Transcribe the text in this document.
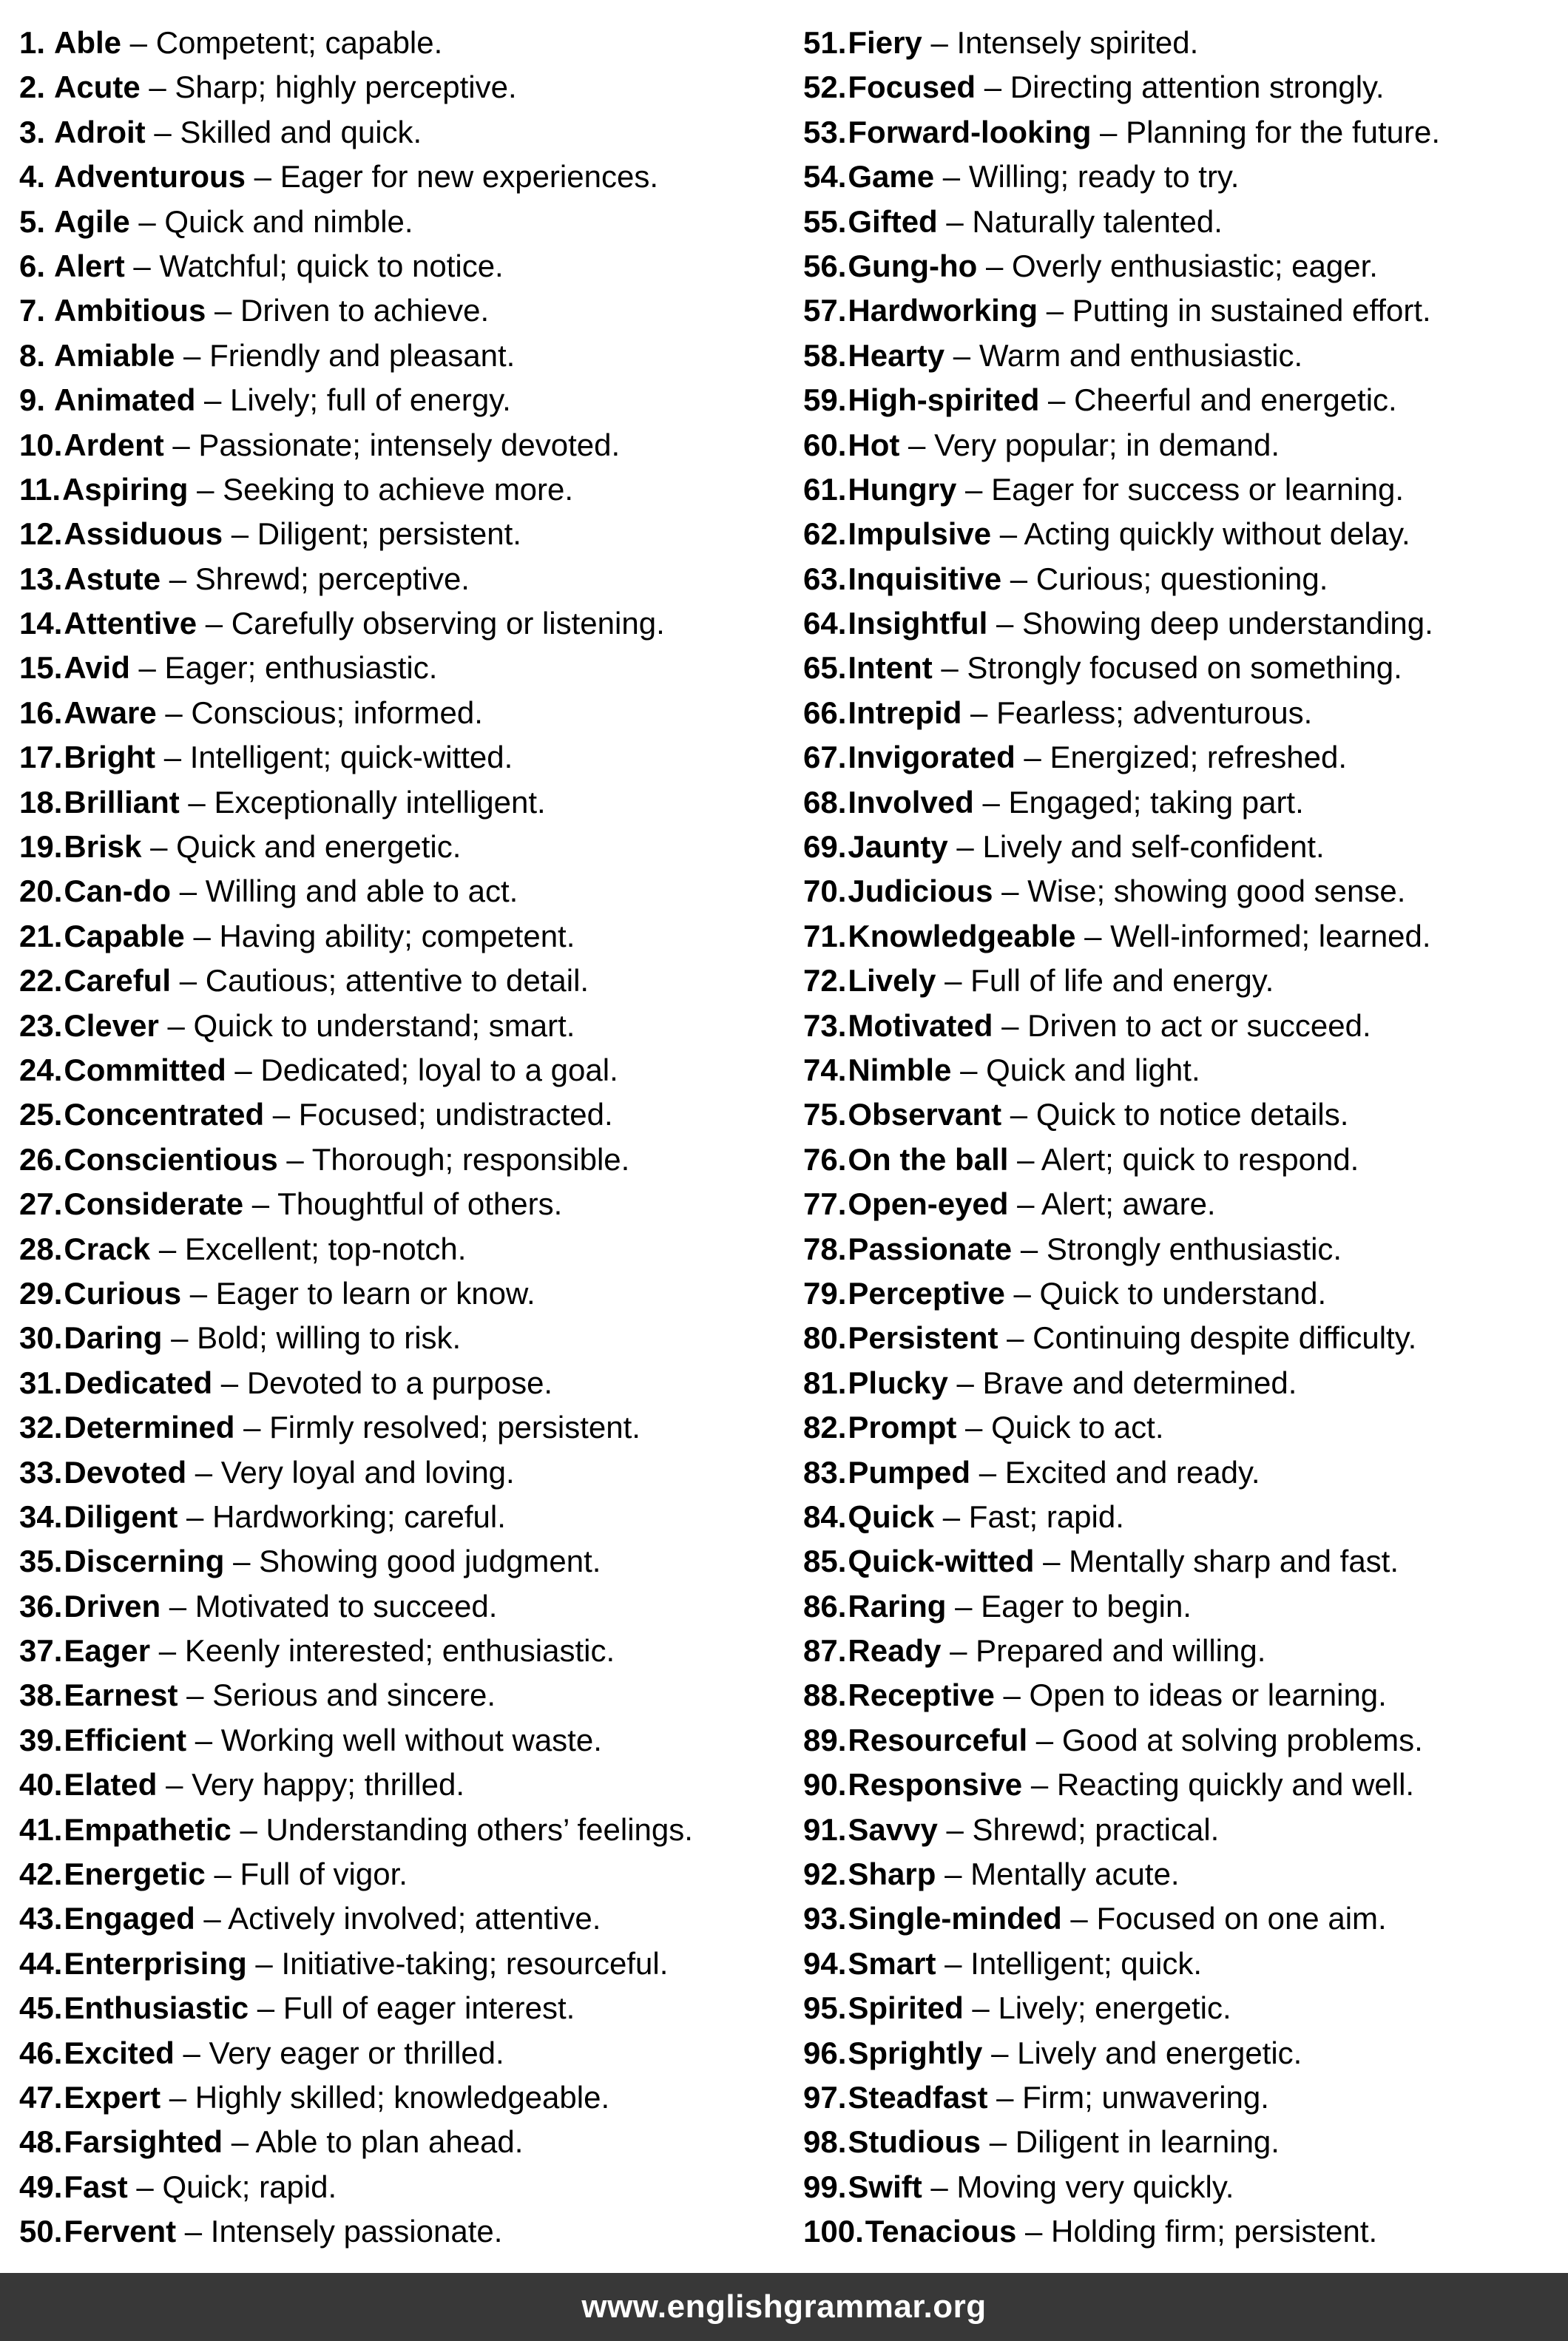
1. Able – Competent; capable.
2. Acute – Sharp; highly perceptive.
3. Adroit – Skilled and quick.
4. Adventurous – Eager for new experiences.
5. Agile – Quick and nimble.
6. Alert – Watchful; quick to notice.
7. Ambitious – Driven to achieve.
8. Amiable – Friendly and pleasant.
9. Animated – Lively; full of energy.
10. Ardent – Passionate; intensely devoted.
11. Aspiring – Seeking to achieve more.
12. Assiduous – Diligent; persistent.
13. Astute – Shrewd; perceptive.
14. Attentive – Carefully observing or listening.
15. Avid – Eager; enthusiastic.
16. Aware – Conscious; informed.
17. Bright – Intelligent; quick-witted.
18. Brilliant – Exceptionally intelligent.
19. Brisk – Quick and energetic.
20. Can-do – Willing and able to act.
21. Capable – Having ability; competent.
22. Careful – Cautious; attentive to detail.
23. Clever – Quick to understand; smart.
24. Committed – Dedicated; loyal to a goal.
25. Concentrated – Focused; undistracted.
26. Conscientious – Thorough; responsible.
27. Considerate – Thoughtful of others.
28. Crack – Excellent; top-notch.
29. Curious – Eager to learn or know.
30. Daring – Bold; willing to risk.
31. Dedicated – Devoted to a purpose.
32. Determined – Firmly resolved; persistent.
33. Devoted – Very loyal and loving.
34. Diligent – Hardworking; careful.
35. Discerning – Showing good judgment.
36. Driven – Motivated to succeed.
37. Eager – Keenly interested; enthusiastic.
38. Earnest – Serious and sincere.
39. Efficient – Working well without waste.
40. Elated – Very happy; thrilled.
41. Empathetic – Understanding others’ feelings.
42. Energetic – Full of vigor.
43. Engaged – Actively involved; attentive.
44. Enterprising – Initiative-taking; resourceful.
45. Enthusiastic – Full of eager interest.
46. Excited – Very eager or thrilled.
47. Expert – Highly skilled; knowledgeable.
48. Farsighted – Able to plan ahead.
49. Fast – Quick; rapid.
50. Fervent – Intensely passionate.
51. Fiery – Intensely spirited.
52. Focused – Directing attention strongly.
53. Forward-looking – Planning for the future.
54. Game – Willing; ready to try.
55. Gifted – Naturally talented.
56. Gung-ho – Overly enthusiastic; eager.
57. Hardworking – Putting in sustained effort.
58. Hearty – Warm and enthusiastic.
59. High-spirited – Cheerful and energetic.
60. Hot – Very popular; in demand.
61. Hungry – Eager for success or learning.
62. Impulsive – Acting quickly without delay.
63. Inquisitive – Curious; questioning.
64. Insightful – Showing deep understanding.
65. Intent – Strongly focused on something.
66. Intrepid – Fearless; adventurous.
67. Invigorated – Energized; refreshed.
68. Involved – Engaged; taking part.
69. Jaunty – Lively and self-confident.
70. Judicious – Wise; showing good sense.
71. Knowledgeable – Well-informed; learned.
72. Lively – Full of life and energy.
73. Motivated – Driven to act or succeed.
74. Nimble – Quick and light.
75. Observant – Quick to notice details.
76. On the ball – Alert; quick to respond.
77. Open-eyed – Alert; aware.
78. Passionate – Strongly enthusiastic.
79. Perceptive – Quick to understand.
80. Persistent – Continuing despite difficulty.
81. Plucky – Brave and determined.
82. Prompt – Quick to act.
83. Pumped – Excited and ready.
84. Quick – Fast; rapid.
85. Quick-witted – Mentally sharp and fast.
86. Raring – Eager to begin.
87. Ready – Prepared and willing.
88. Receptive – Open to ideas or learning.
89. Resourceful – Good at solving problems.
90. Responsive – Reacting quickly and well.
91. Savvy – Shrewd; practical.
92. Sharp – Mentally acute.
93. Single-minded – Focused on one aim.
94. Smart – Intelligent; quick.
95. Spirited – Lively; energetic.
96. Sprightly – Lively and energetic.
97. Steadfast – Firm; unwavering.
98. Studious – Diligent in learning.
99. Swift – Moving very quickly.
100. Tenacious – Holding firm; persistent.
www.englishgrammar.org
